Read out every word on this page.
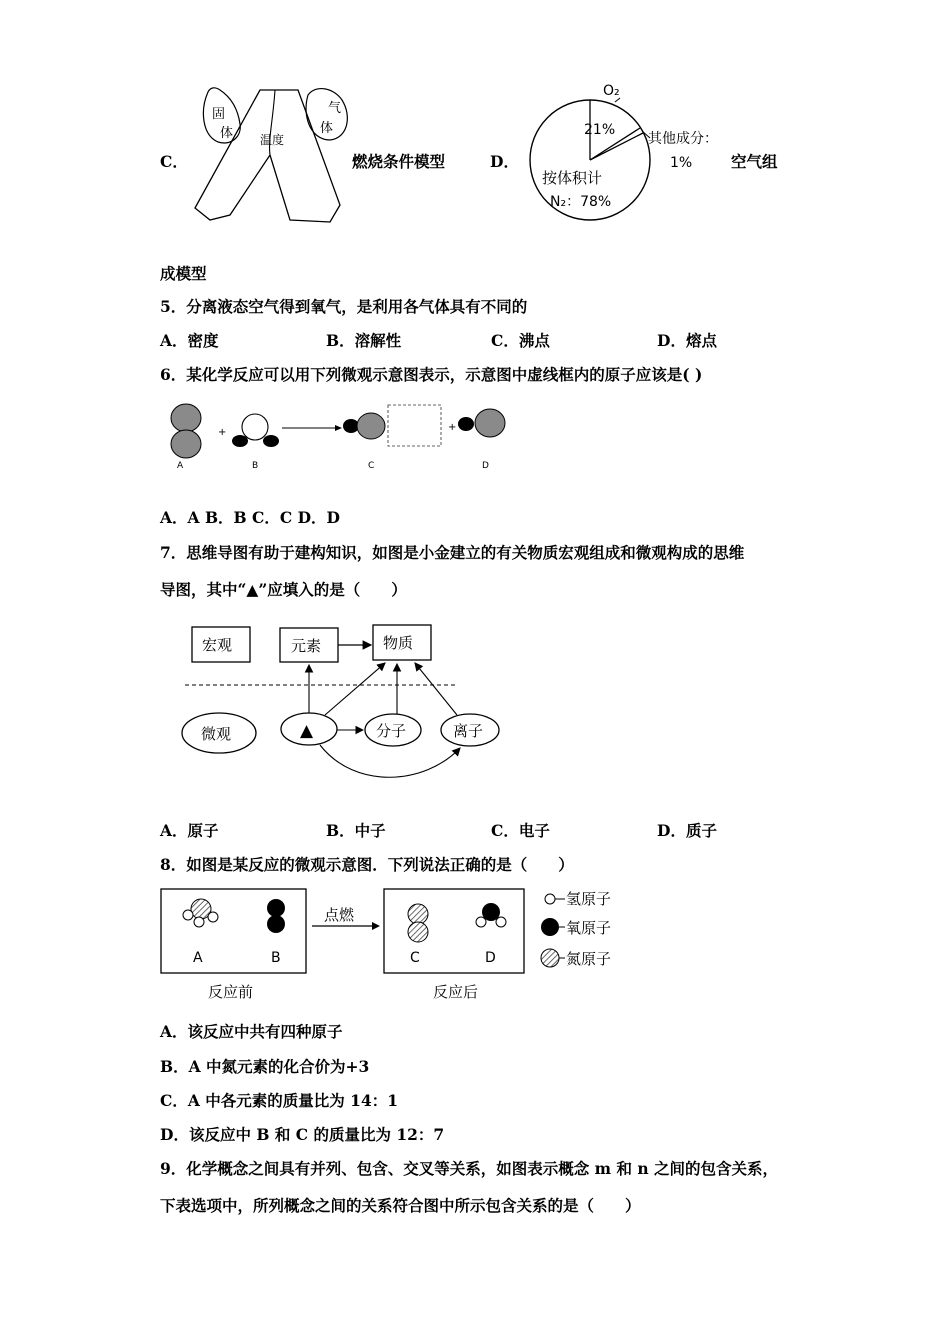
C．
固
体
气
体
温度
燃烧条件模型	D．
O₂
21%
其他成分：
1%
按体积计
N₂：78%
空气组
成模型
5．分离液态空气得到氧气，是利用各气体具有不同的
A．密度	B．溶解性	C．沸点	D．熔点
6．某化学反应可以用下列微观示意图表示，示意图中虚线框内的原子应该是( )
+	+
A	B	C	D
A．A B．B C．C D．D
7．思维导图有助于建构知识，如图是小金建立的有关物质宏观组成和微观构成的思维
导图，其中“▲”应填入的是（　　）
宏观	元素	物质
微观	▲	分子	离子
A．原子	B．中子	C．电子	D．质子
8．如图是某反应的微观示意图．下列说法正确的是（　　）
A	B
点燃
C	D
反应前	反应后
氢原子
氧原子
氮原子
A．该反应中共有四种原子
B．A 中氮元素的化合价为+3
C．A 中各元素的质量比为 14：1
D．该反应中 B 和 C 的质量比为 12：7
9．化学概念之间具有并列、包含、交叉等关系，如图表示概念 m 和 n 之间的包含关系，
下表选项中，所列概念之间的关系符合图中所示包含关系的是（　　）
